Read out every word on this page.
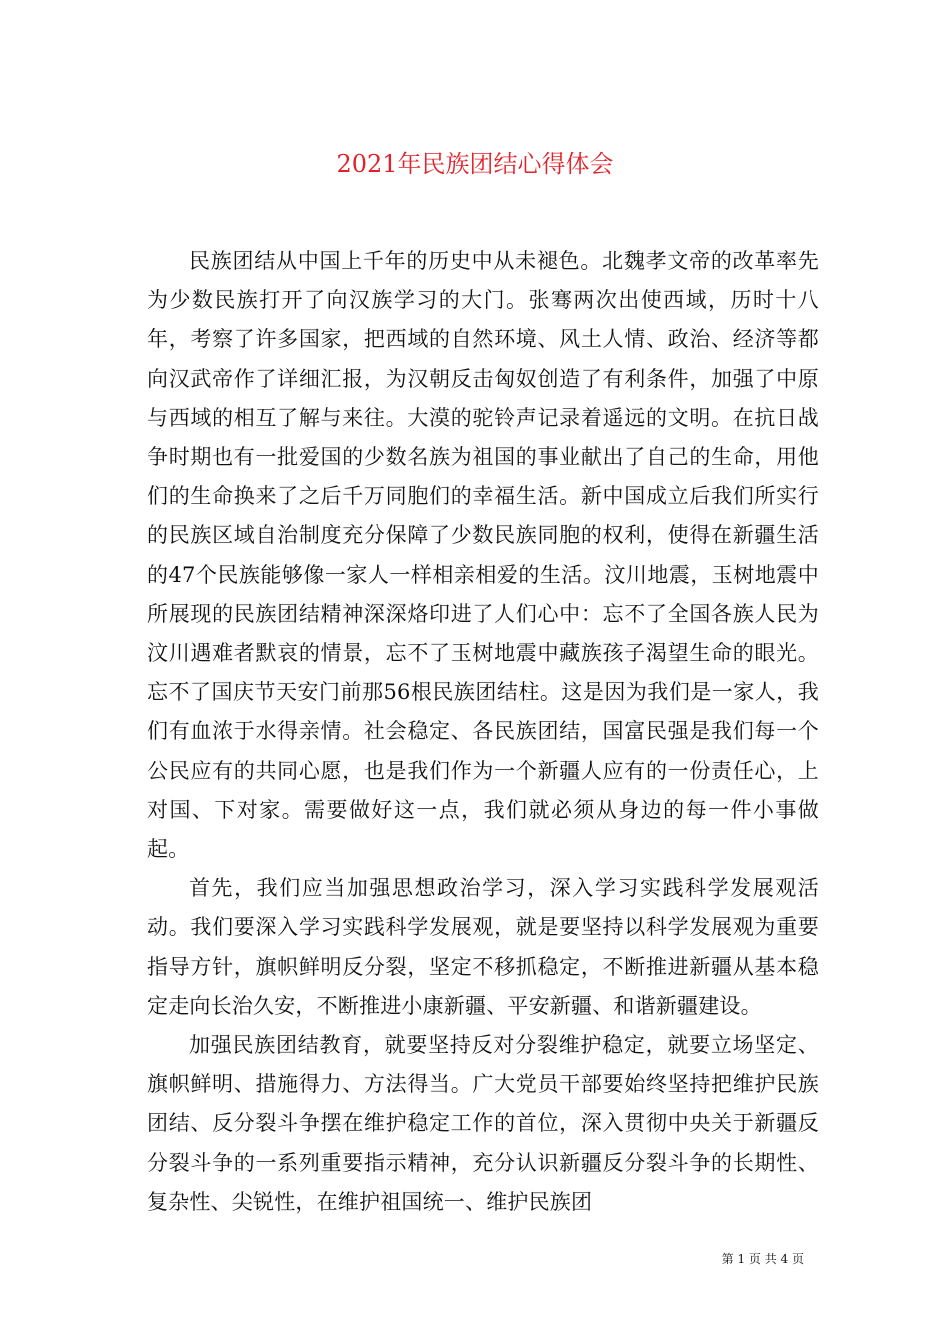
2021年民族团结心得体会

民族团结从中国上千年的历史中从未褪色。北魏孝文帝的改革率先为少数民族打开了向汉族学习的大门。张骞两次出使西域，历时十八年，考察了许多国家，把西域的自然环境、风土人情、政治、经济等都向汉武帝作了详细汇报，为汉朝反击匈奴创造了有利条件，加强了中原与西域的相互了解与来往。大漠的驼铃声记录着遥远的文明。在抗日战争时期也有一批爱国的少数名族为祖国的事业献出了自己的生命，用他们的生命换来了之后千万同胞们的幸福生活。新中国成立后我们所实行的民族区域自治制度充分保障了少数民族同胞的权利，使得在新疆生活的47个民族能够像一家人一样相亲相爱的生活。汶川地震，玉树地震中所展现的民族团结精神深深烙印进了人们心中：忘不了全国各族人民为汶川遇难者默哀的情景，忘不了玉树地震中藏族孩子渴望生命的眼光。忘不了国庆节天安门前那56根民族团结柱。这是因为我们是一家人，我们有血浓于水得亲情。社会稳定、各民族团结，国富民强是我们每一个公民应有的共同心愿，也是我们作为一个新疆人应有的一份责任心，上对国、下对家。需要做好这一点，我们就必须从身边的每一件小事做起。

首先，我们应当加强思想政治学习，深入学习实践科学发展观活动。我们要深入学习实践科学发展观，就是要坚持以科学发展观为重要指导方针，旗帜鲜明反分裂，坚定不移抓稳定，不断推进新疆从基本稳定走向长治久安，不断推进小康新疆、平安新疆、和谐新疆建设。

加强民族团结教育，就要坚持反对分裂维护稳定，就要立场坚定、旗帜鲜明、措施得力、方法得当。广大党员干部要始终坚持把维护民族团结、反分裂斗争摆在维护稳定工作的首位，深入贯彻中央关于新疆反分裂斗争的一系列重要指示精神，充分认识新疆反分裂斗争的长期性、复杂性、尖锐性，在维护祖国统一、维护民族团

第 1 页 共 4 页
